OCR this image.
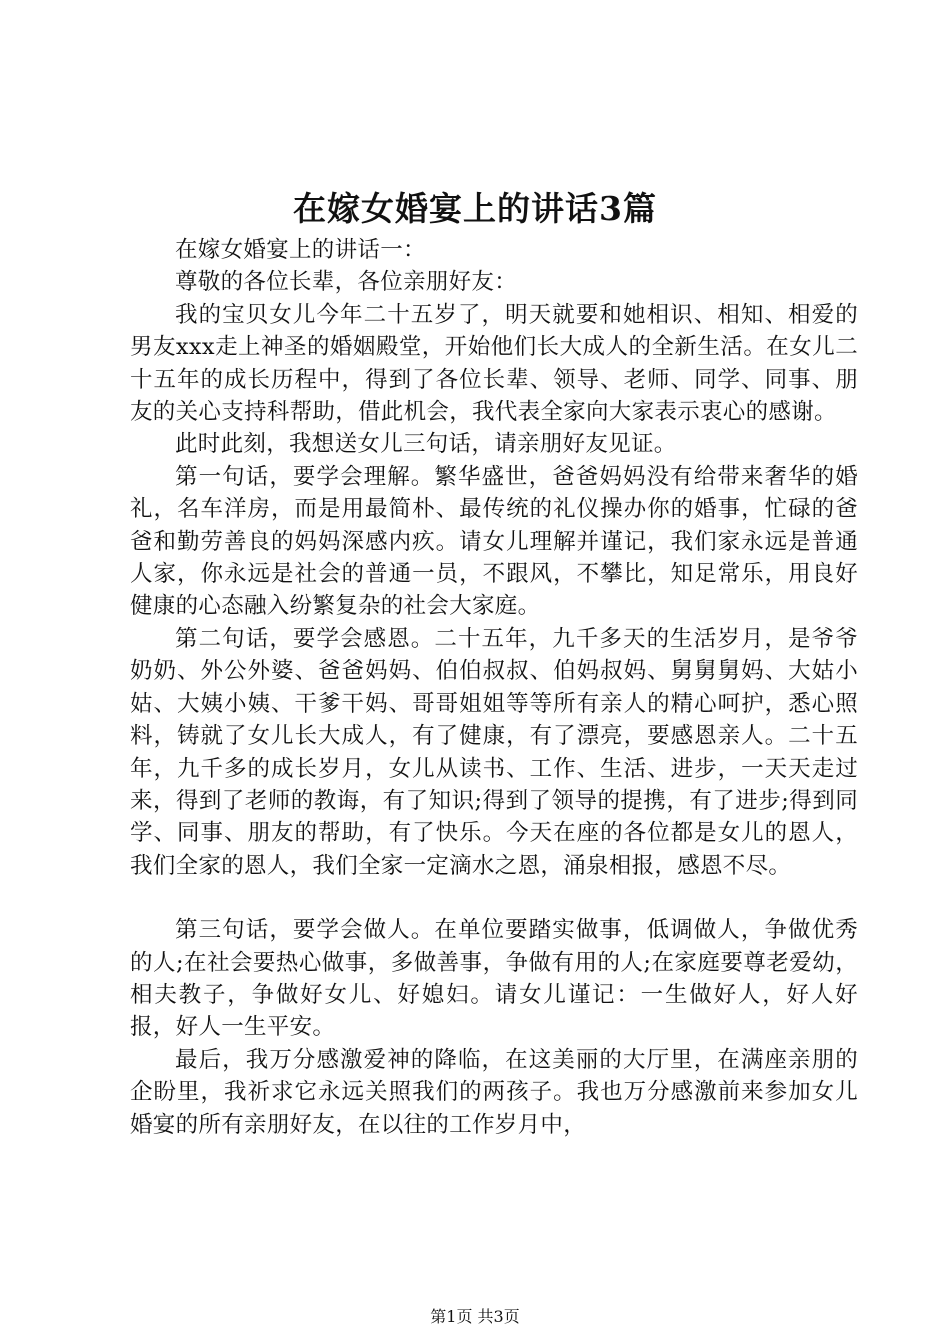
在嫁女婚宴上的讲话3篇

在嫁女婚宴上的讲话一：

尊敬的各位长辈，各位亲朋好友：

我的宝贝女儿今年二十五岁了，明天就要和她相识、相知、相爱的男友xxx走上神圣的婚姻殿堂，开始他们长大成人的全新生活。在女儿二十五年的成长历程中，得到了各位长辈、领导、老师、同学、同事、朋友的关心支持科帮助，借此机会，我代表全家向大家表示衷心的感谢。

此时此刻，我想送女儿三句话，请亲朋好友见证。

第一句话，要学会理解。繁华盛世，爸爸妈妈没有给带来奢华的婚礼，名车洋房，而是用最简朴、最传统的礼仪操办你的婚事，忙碌的爸爸和勤劳善良的妈妈深感内疚。请女儿理解并谨记，我们家永远是普通人家，你永远是社会的普通一员，不跟风，不攀比，知足常乐，用良好健康的心态融入纷繁复杂的社会大家庭。

第二句话，要学会感恩。二十五年，九千多天的生活岁月，是爷爷奶奶、外公外婆、爸爸妈妈、伯伯叔叔、伯妈叔妈、舅舅舅妈、大姑小姑、大姨小姨、干爹干妈、哥哥姐姐等等所有亲人的精心呵护，悉心照料，铸就了女儿长大成人，有了健康，有了漂亮，要感恩亲人。二十五年，九千多的成长岁月，女儿从读书、工作、生活、进步，一天天走过来，得到了老师的教诲，有了知识;得到了领导的提携，有了进步;得到同学、同事、朋友的帮助，有了快乐。今天在座的各位都是女儿的恩人，我们全家的恩人，我们全家一定滴水之恩，涌泉相报，感恩不尽。

第三句话，要学会做人。在单位要踏实做事，低调做人，争做优秀的人;在社会要热心做事，多做善事，争做有用的人;在家庭要尊老爱幼，相夫教子，争做好女儿、好媳妇。请女儿谨记：一生做好人，好人好报，好人一生平安。

最后，我万分感激爱神的降临，在这美丽的大厅里，在满座亲朋的企盼里，我祈求它永远关照我们的两孩子。我也万分感激前来参加女儿婚宴的所有亲朋好友，在以往的工作岁月中，

第1页 共3页
